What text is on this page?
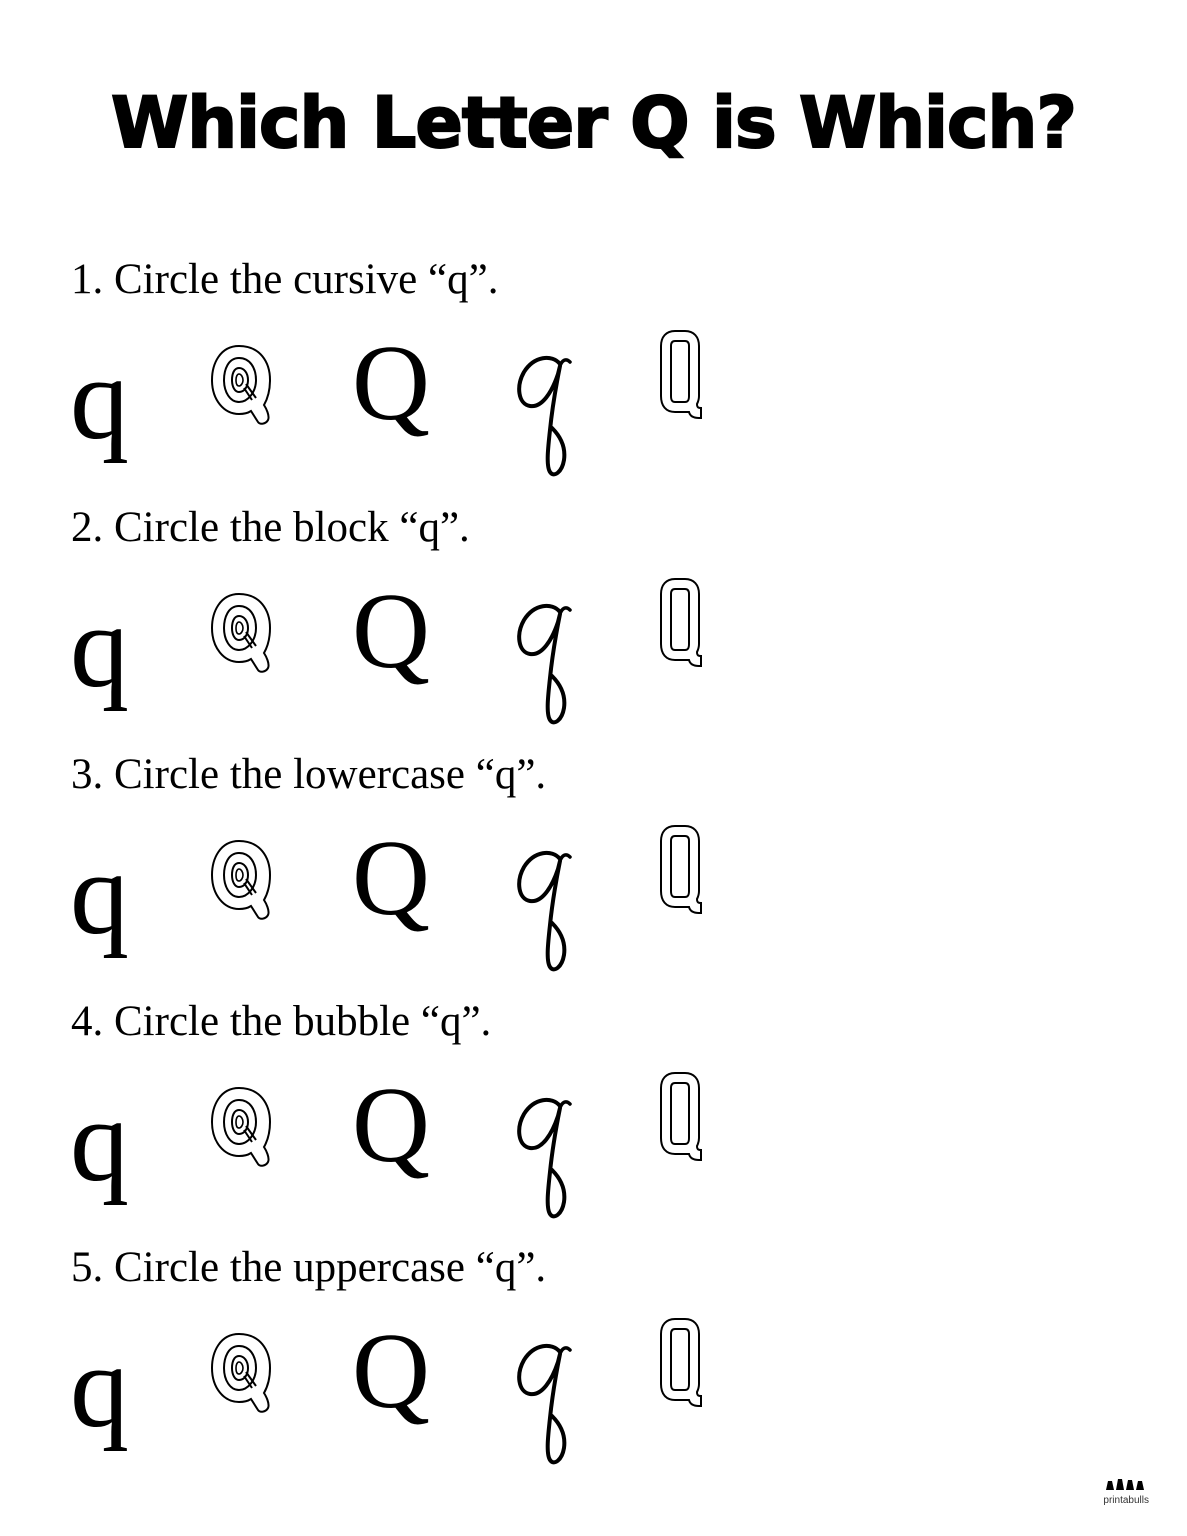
Which Letter Q is Which?
1. Circle the cursive “q”.
q Q
2. Circle the block “q”.
q Q
3. Circle the lowercase “q”.
q Q
4. Circle the bubble “q”.
q Q
5. Circle the uppercase “q”.
q Q
printabulls
